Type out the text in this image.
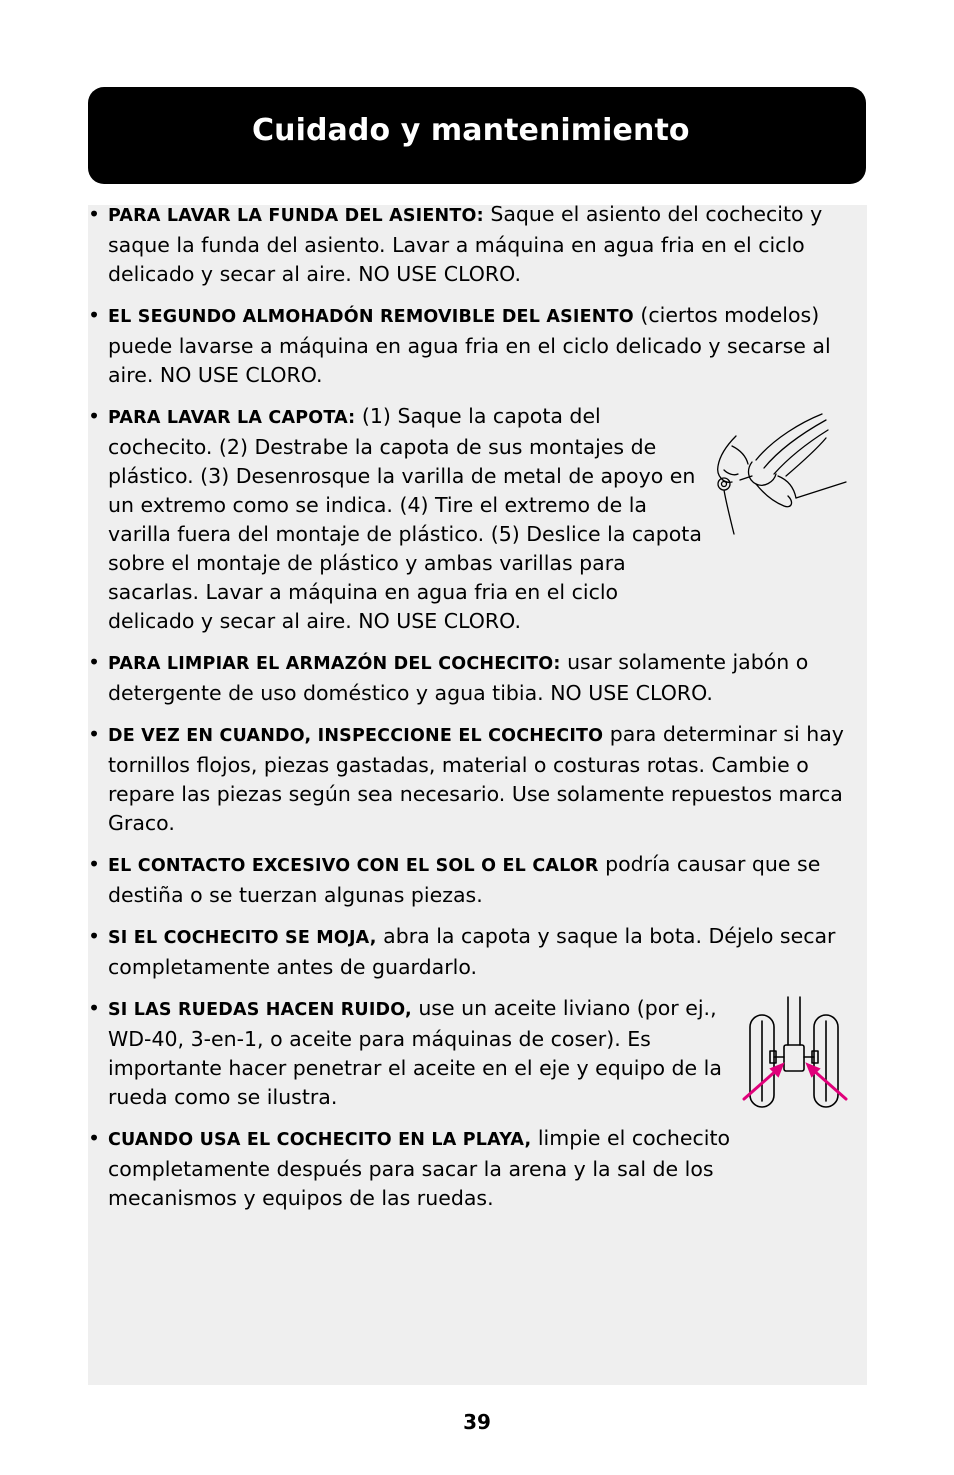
Cuidado y mantenimiento
• PARA LAVAR LA FUNDA DEL ASIENTO: Saque el asiento del cochecito y saque la funda del asiento. Lavar a máquina en agua fria en el ciclo delicado y secar al aire. NO USE CLORO.
• EL SEGUNDO ALMOHADÓN REMOVIBLE DEL ASIENTO (ciertos modelos) puede lavarse a máquina en agua fria en el ciclo delicado y secarse al aire. NO USE CLORO.
• PARA LAVAR LA CAPOTA: (1) Saque la capota del cochecito. (2) Destrabe la capota de sus montajes de plástico. (3) Desenrosque la varilla de metal de apoyo en un extremo como se indica. (4) Tire el extremo de la varilla fuera del montaje de plástico. (5) Deslice la capota sobre el montaje de plástico y ambas varillas para sacarlas. Lavar a máquina en agua fria en el ciclo delicado y secar al aire. NO USE CLORO.
• PARA LIMPIAR EL ARMAZÓN DEL COCHECITO: usar solamente jabón o detergente de uso doméstico y agua tibia. NO USE CLORO.
• DE VEZ EN CUANDO, INSPECCIONE EL COCHECITO para determinar si hay tornillos flojos, piezas gastadas, material o costuras rotas. Cambie o repare las piezas según sea necesario. Use solamente repuestos marca Graco.
• EL CONTACTO EXCESIVO CON EL SOL O EL CALOR podría causar que se destiña o se tuerzan algunas piezas.
• SI EL COCHECITO SE MOJA, abra la capota y saque la bota. Déjelo secar completamente antes de guardarlo.
• SI LAS RUEDAS HACEN RUIDO, use un aceite liviano (por ej., WD-40, 3-en-1, o aceite para máquinas de coser). Es importante hacer penetrar el aceite en el eje y equipo de la rueda como se ilustra.
• CUANDO USA EL COCHECITO EN LA PLAYA, limpie el cochecito completamente después para sacar la arena y la sal de los mecanismos y equipos de las ruedas.
39
